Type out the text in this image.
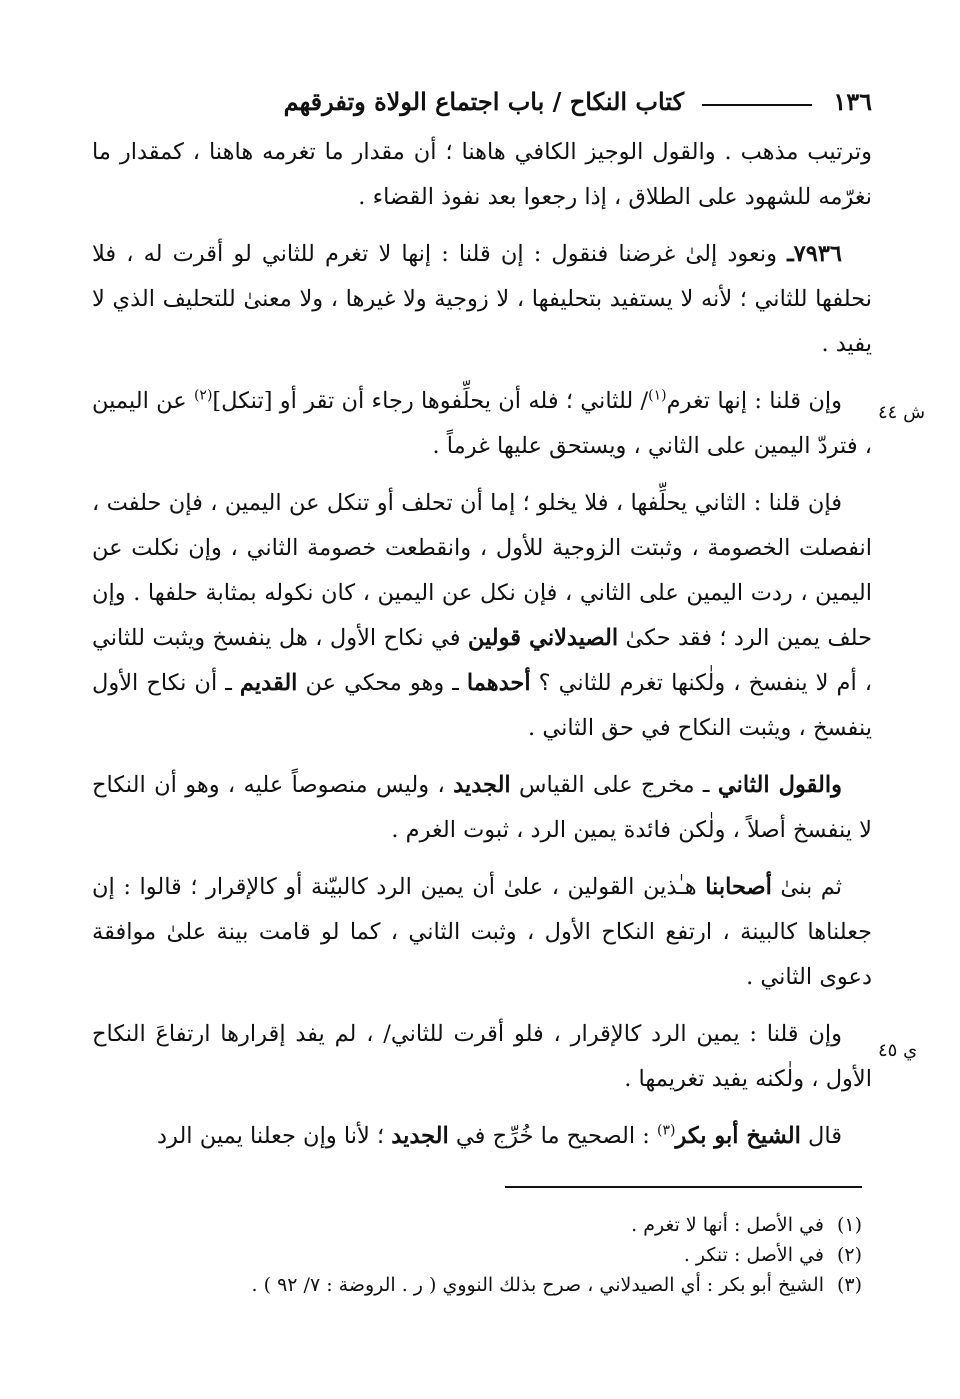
١٣٦
كتاب النكاح / باب اجتماع الولاة وتفرقهم
ش ٤٤
ي ٤٥

وترتيب مذهب . والقول الوجيز الكافي هاهنا ؛ أن مقدار ما تغرمه هاهنا ، كمقدار ما نغرّمه للشهود على الطلاق ، إذا رجعوا بعد نفوذ القضاء .

٧٩٣٦ـ ونعود إلىٰ غرضنا فنقول : إن قلنا : إنها لا تغرم للثاني لو أقرت له ، فلا نحلفها للثاني ؛ لأنه لا يستفيد بتحليفها ، لا زوجية ولا غيرها ، ولا معنىٰ للتحليف الذي لا يفيد .

وإن قلنا : إنها تغرم$^{(١)}$/ للثاني ؛ فله أن يحلِّفوها رجاء أن تقر أو [تنكل]$^{(٢)}$ عن اليمين ، فتردّ اليمين على الثاني ، ويستحق عليها غرماً .

فإن قلنا : الثاني يحلِّفها ، فلا يخلو ؛ إما أن تحلف أو تنكل عن اليمين ، فإن حلفت ، انفصلت الخصومة ، وثبتت الزوجية للأول ، وانقطعت خصومة الثاني ، وإن نكلت عن اليمين ، ردت اليمين على الثاني ، فإن نكل عن اليمين ، كان نكوله بمثابة حلفها . وإن حلف يمين الرد ؛ فقد حكىٰ الصيدلاني قولين في نكاح الأول ، هل ينفسخ ويثبت للثاني ، أم لا ينفسخ ، ولٰكنها تغرم للثاني ؟ أحدهما ـ وهو محكي عن القديم ـ أن نكاح الأول ينفسخ ، ويثبت النكاح في حق الثاني .

والقول الثاني ـ مخرج على القياس الجديد ، وليس منصوصاً عليه ، وهو أن النكاح لا ينفسخ أصلاً ، ولٰكن فائدة يمين الرد ، ثبوت الغرم .

ثم بنىٰ أصحابنا هـٰذين القولين ، علىٰ أن يمين الرد كالبيّنة أو كالإقرار ؛ قالوا : إن جعلناها كالبينة ، ارتفع النكاح الأول ، وثبت الثاني ، كما لو قامت بينة علىٰ موافقة دعوى الثاني .

وإن قلنا : يمين الرد كالإقرار ، فلو أقرت للثاني/ ، لم يفد إقرارها ارتفاعَ النكاح الأول ، ولٰكنه يفيد تغريمها .

قال الشيخ أبو بكر$^{(٣)}$ : الصحيح ما خُرِّج في الجديد ؛ لأنا وإن جعلنا يمين الرد

(١)في الأصل : أنها لا تغرم .
(٢)في الأصل : تنكر .
(٣)الشيخ أبو بكر : أي الصيدلاني ، صرح بذلك النووي ( ر . الروضة : ٧/ ٩٢ ) .
